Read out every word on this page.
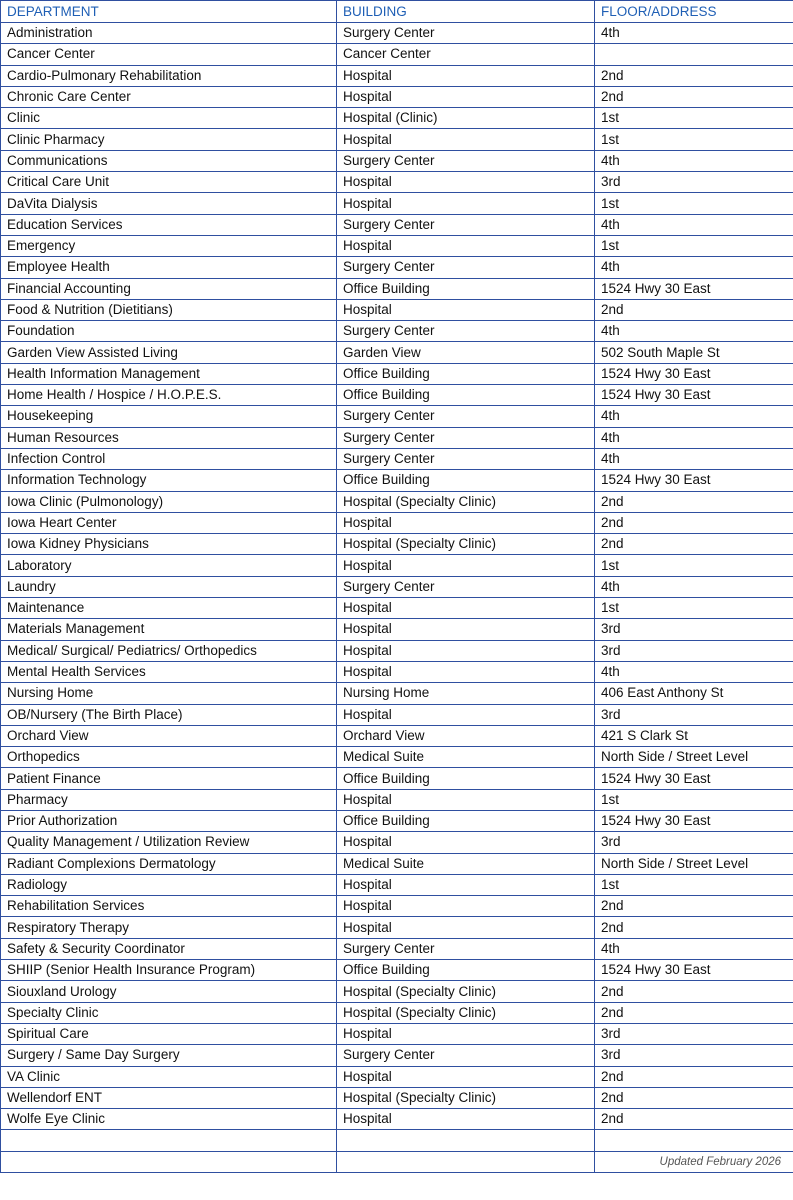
DEPARTMENT	BUILDING	FLOOR/ADDRESS
Administration	Surgery Center	4th
Cancer Center	Cancer Center	
Cardio-Pulmonary Rehabilitation	Hospital	2nd
Chronic Care Center	Hospital	2nd
Clinic	Hospital (Clinic)	1st
Clinic Pharmacy	Hospital	1st
Communications	Surgery Center	4th
Critical Care Unit	Hospital	3rd
DaVita Dialysis	Hospital	1st
Education Services	Surgery Center	4th
Emergency	Hospital	1st
Employee Health	Surgery Center	4th
Financial Accounting	Office Building	1524 Hwy 30 East
Food & Nutrition (Dietitians)	Hospital	2nd
Foundation	Surgery Center	4th
Garden View Assisted Living	Garden View	502 South Maple St
Health Information Management	Office Building	1524 Hwy 30 East
Home Health / Hospice / H.O.P.E.S.	Office Building	1524 Hwy 30 East
Housekeeping	Surgery Center	4th
Human Resources	Surgery Center	4th
Infection Control	Surgery Center	4th
Information Technology	Office Building	1524 Hwy 30 East
Iowa Clinic (Pulmonology)	Hospital (Specialty Clinic)	2nd
Iowa Heart Center	Hospital	2nd
Iowa Kidney Physicians	Hospital (Specialty Clinic)	2nd
Laboratory	Hospital	1st
Laundry	Surgery Center	4th
Maintenance	Hospital	1st
Materials Management	Hospital	3rd
Medical/ Surgical/ Pediatrics/ Orthopedics	Hospital	3rd
Mental Health Services	Hospital	4th
Nursing Home	Nursing Home	406 East Anthony St
OB/Nursery (The Birth Place)	Hospital	3rd
Orchard View	Orchard View	421 S Clark St
Orthopedics	Medical Suite	North Side / Street Level
Patient Finance	Office Building	1524 Hwy 30 East
Pharmacy	Hospital	1st
Prior Authorization	Office Building	1524 Hwy 30 East
Quality Management / Utilization Review	Hospital	3rd
Radiant Complexions Dermatology	Medical Suite	North Side / Street Level
Radiology	Hospital	1st
Rehabilitation Services	Hospital	2nd
Respiratory Therapy	Hospital	2nd
Safety & Security Coordinator	Surgery Center	4th
SHIIP (Senior Health Insurance Program)	Office Building	1524 Hwy 30 East
Siouxland Urology	Hospital (Specialty Clinic)	2nd
Specialty Clinic	Hospital (Specialty Clinic)	2nd
Spiritual Care	Hospital	3rd
Surgery / Same Day Surgery	Surgery Center	3rd
VA Clinic	Hospital	2nd
Wellendorf ENT	Hospital (Specialty Clinic)	2nd
Wolfe Eye Clinic	Hospital	2nd

		Updated February 2026
